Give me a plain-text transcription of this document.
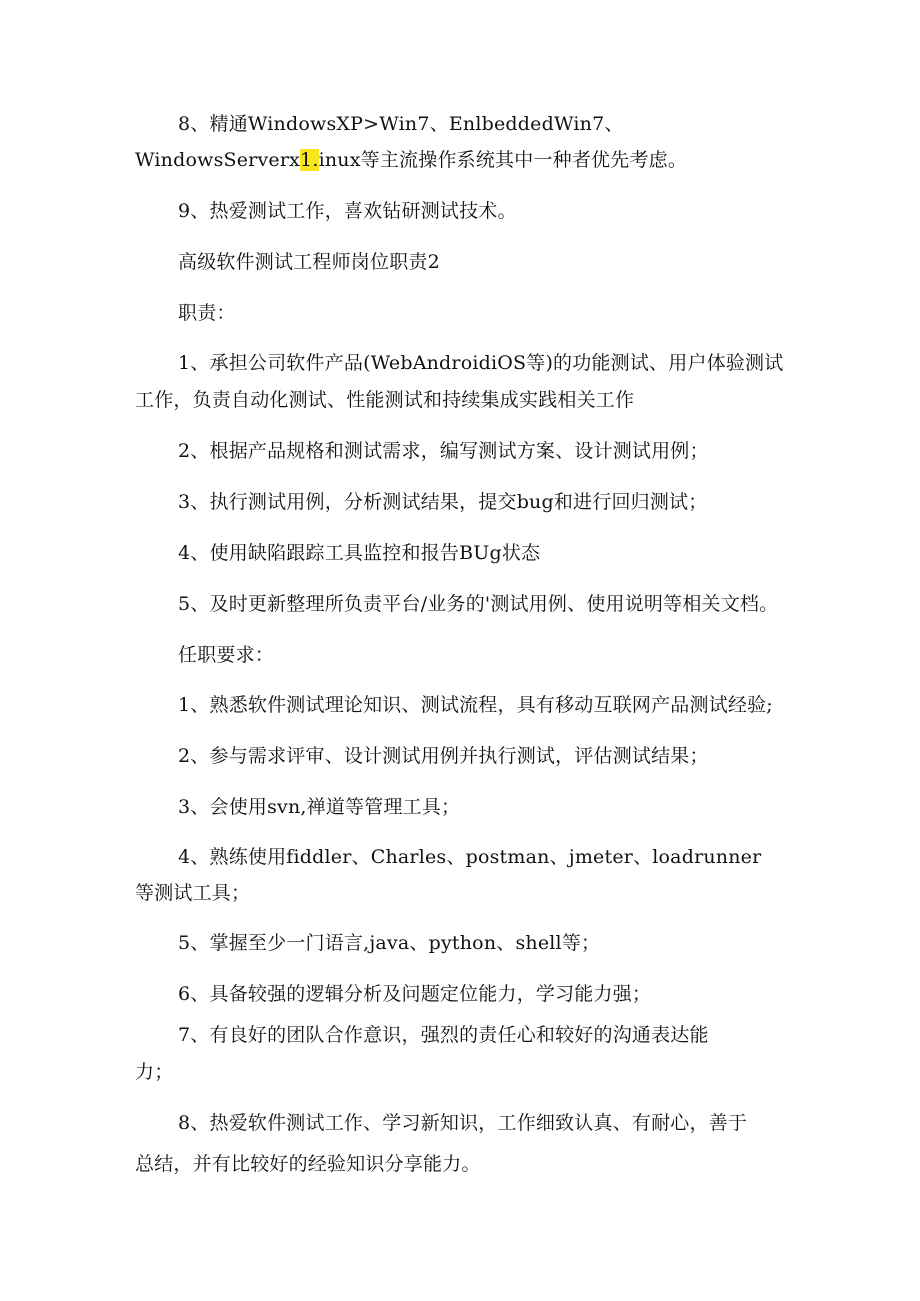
8、精通WindowsXP>Win7、EnlbeddedWin7、
WindowsServerx1.inux等主流操作系统其中一种者优先考虑。
9、热爱测试工作，喜欢钻研测试技术。
高级软件测试工程师岗位职责2
职责：
1、承担公司软件产品(WebAndroidiOS等)的功能测试、用户体验测试
工作，负责自动化测试、性能测试和持续集成实践相关工作
2、根据产品规格和测试需求，编写测试方案、设计测试用例；
3、执行测试用例，分析测试结果，提交bug和进行回归测试；
4、使用缺陷跟踪工具监控和报告BUg状态
5、及时更新整理所负责平台/业务的'测试用例、使用说明等相关文档。
任职要求：
1、熟悉软件测试理论知识、测试流程，具有移动互联网产品测试经验;
2、参与需求评审、设计测试用例并执行测试，评估测试结果；
3、会使用svn,禅道等管理工具；
4、熟练使用fiddler、Charles、postman、jmeter、loadrunner
等测试工具；
5、掌握至少一门语言,java、python、shell等；
6、具备较强的逻辑分析及问题定位能力，学习能力强；
7、有良好的团队合作意识，强烈的责任心和较好的沟通表达能
力；
8、热爱软件测试工作、学习新知识，工作细致认真、有耐心，善于
总结，并有比较好的经验知识分享能力。
